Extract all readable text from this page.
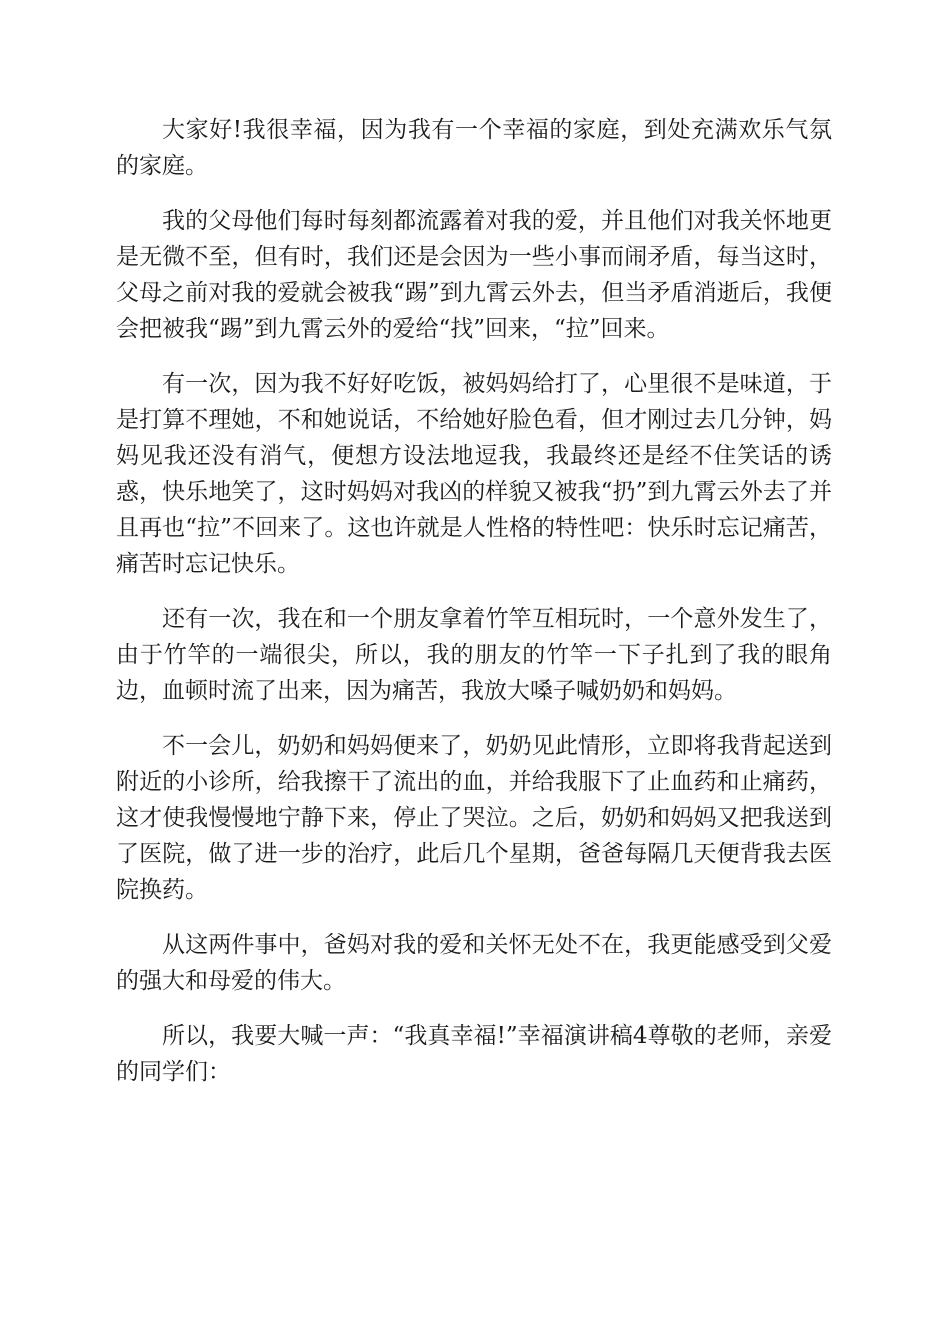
大家好!我很幸福，因为我有一个幸福的家庭，到处充满欢乐气氛的家庭。

我的父母他们每时每刻都流露着对我的爱，并且他们对我关怀地更是无微不至，但有时，我们还是会因为一些小事而闹矛盾，每当这时，父母之前对我的爱就会被我“踢”到九霄云外去，但当矛盾消逝后，我便会把被我“踢”到九霄云外的爱给“找”回来，“拉”回来。

有一次，因为我不好好吃饭，被妈妈给打了，心里很不是味道，于是打算不理她，不和她说话，不给她好脸色看，但才刚过去几分钟，妈妈见我还没有消气，便想方设法地逗我，我最终还是经不住笑话的诱惑，快乐地笑了，这时妈妈对我凶的样貌又被我“扔”到九霄云外去了并且再也“拉”不回来了。这也许就是人性格的特性吧：快乐时忘记痛苦，痛苦时忘记快乐。

还有一次，我在和一个朋友拿着竹竿互相玩时，一个意外发生了，由于竹竿的一端很尖，所以，我的朋友的竹竿一下子扎到了我的眼角边，血顿时流了出来，因为痛苦，我放大嗓子喊奶奶和妈妈。

不一会儿，奶奶和妈妈便来了，奶奶见此情形，立即将我背起送到附近的小诊所，给我擦干了流出的血，并给我服下了止血药和止痛药，这才使我慢慢地宁静下来，停止了哭泣。之后，奶奶和妈妈又把我送到了医院，做了进一步的治疗，此后几个星期，爸爸每隔几天便背我去医院换药。

从这两件事中，爸妈对我的爱和关怀无处不在，我更能感受到父爱的强大和母爱的伟大。

所以，我要大喊一声：“我真幸福!”幸福演讲稿4尊敬的老师，亲爱的同学们：
